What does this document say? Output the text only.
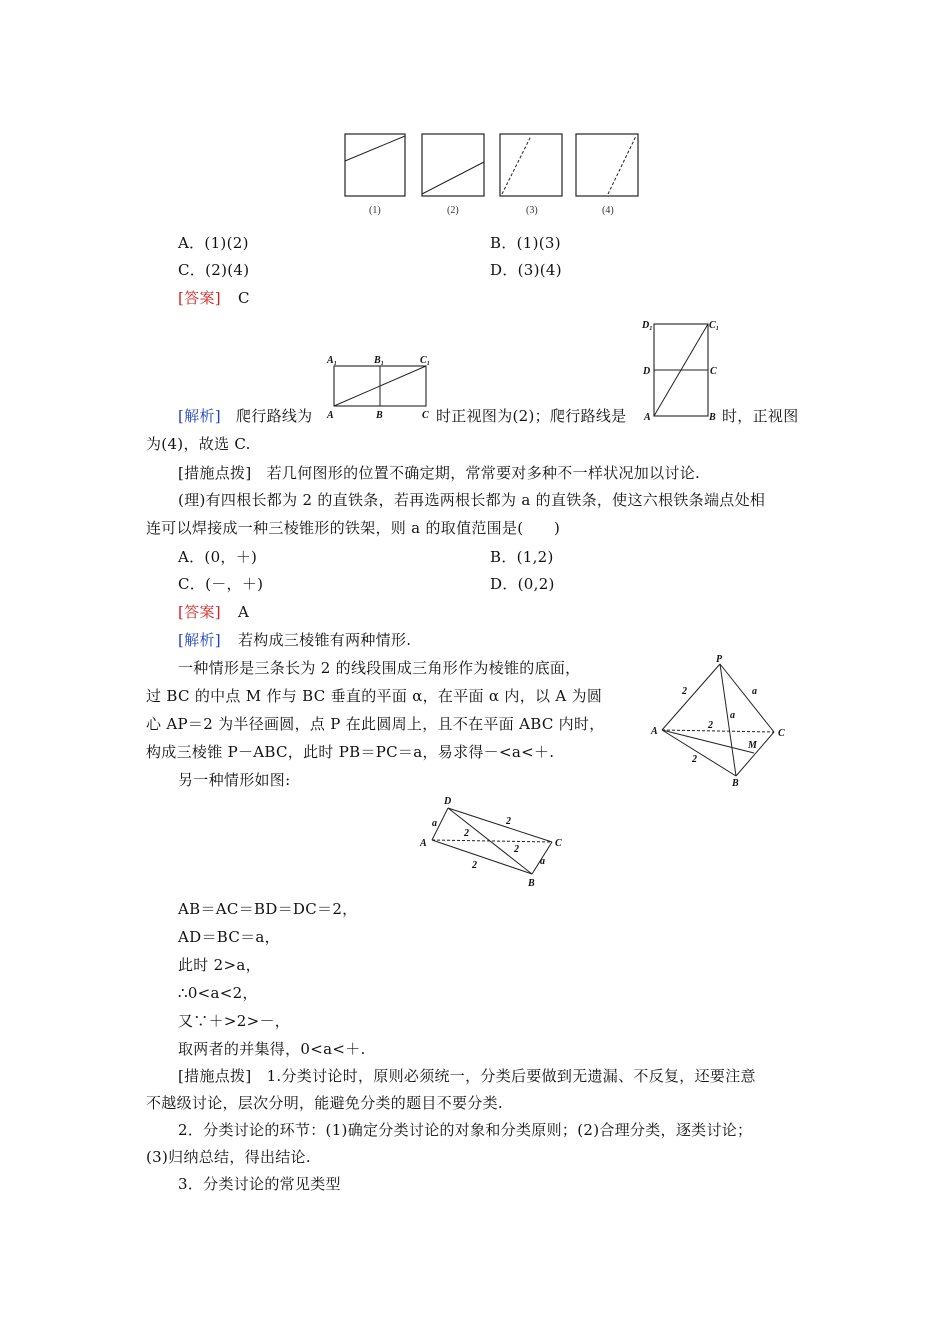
(1)	(2)	(3)	(4)
A．(1)(2)	B．(1)(3)
C．(2)(4)	D．(3)(4)
[答案] C
A₁	B₁	C₁
A	B	C
D₁	C₁
D	C
A	B
[解析] 爬行路线为	时正视图为(2)；爬行路线是	时，正视图
为(4)，故选 C.
[措施点拨] 若几何图形的位置不确定期，常常要对多种不一样状况加以讨论.
(理)有四根长都为 2 的直铁条，若再选两根长都为 a 的直铁条，使这六根铁条端点处相
连可以焊接成一种三棱锥形的铁架，则 a 的取值范围是(　　)
A．(0，＋)	B．(1,2)
C．(－，＋)	D．(0,2)
[答案] A
[解析] 若构成三棱锥有两种情形.
一种情形是三条长为 2 的线段围成三角形作为棱锥的底面，
过 BC 的中点 M 作与 BC 垂直的平面 α，在平面 α 内，以 A 为圆
心 AP＝2 为半径画圆，点 P 在此圆周上，且不在平面 ABC 内时，
构成三棱锥 P－ABC，此时 PB＝PC＝a，易求得－<a<＋.
另一种情形如图:
P
A
B
C
M
2
2
2
a
a
D
A
B
C
2
2
2
2
a
a
AB＝AC＝BD＝DC＝2，
AD＝BC＝a，
此时 2>a，
∴0<a<2，
又∵＋>2>－，
取两者的并集得，0<a<＋.
[措施点拨] 1.分类讨论时，原则必须统一，分类后要做到无遗漏、不反复，还要注意
不越级讨论，层次分明，能避免分类的题目不要分类.
2．分类讨论的环节：(1)确定分类讨论的对象和分类原则；(2)合理分类，逐类讨论；
(3)归纳总结，得出结论.
3．分类讨论的常见类型
